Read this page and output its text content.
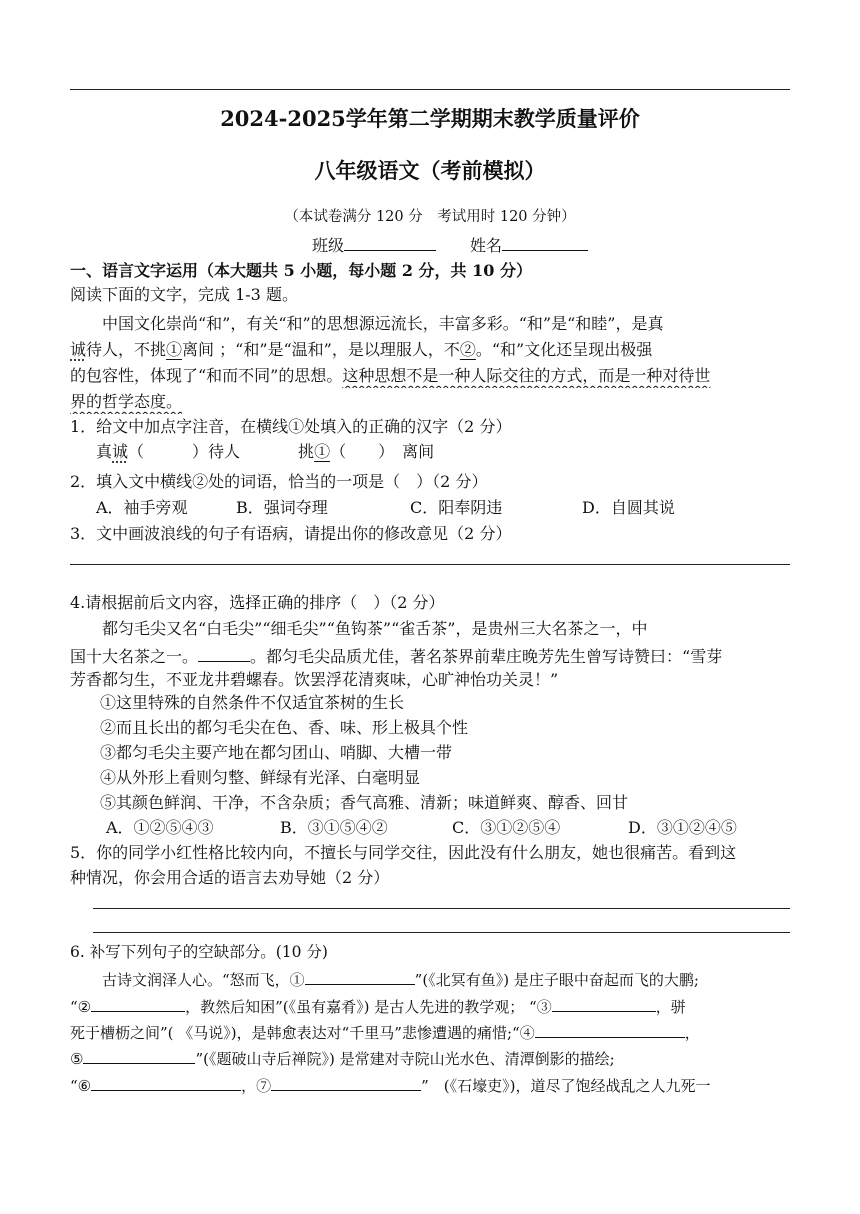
2024-2025学年第二学期期末教学质量评价
八年级语文（考前模拟）
（本试卷满分 120 分　考试用时 120 分钟）
班级	姓名
一、语言文字运用（本大题共 5 小题，每小题 2 分，共 10 分）
阅读下面的文字，完成 1-3 题。
中国文化崇尚“和”，有关“和”的思想源远流长，丰富多彩。“和”是“和睦”，是真
诚待人，不挑①离间 ；“和”是“温和”，是以理服人，不②。“和”文化还呈现出极强
的包容性，体现了“和而不同”的思想。这种思想不是一种人际交往的方式，而是一种对待世
界的哲学态度。
1．给文中加点字注音，在横线①处填入的正确的汉字（2 分）
真诚（　　　）待人	挑①（　　）　离间
2．填入文中横线②处的词语，恰当的一项是（　）（2 分）
A．袖手旁观	B．强词夺理	C．阳奉阴违	D．自圆其说
3．文中画波浪线的句子有语病，请提出你的修改意见（2 分）
4.请根据前后文内容，选择正确的排序（　）（2 分）
都匀毛尖又名“白毛尖”“细毛尖”“鱼钩茶”“雀舌茶”，是贵州三大名茶之一，中
国十大名茶之一。	。都匀毛尖品质尤佳，著名茶界前辈庄晚芳先生曾写诗赞曰：“雪芽
芳香都匀生，不亚龙井碧螺春。饮罢浮花清爽味，心旷神怡功关灵！”
①这里特殊的自然条件不仅适宜茶树的生长
②而且长出的都匀毛尖在色、香、味、形上极具个性
③都匀毛尖主要产地在都匀团山、哨脚、大槽一带
④从外形上看则匀整、鲜绿有光泽、白毫明显
⑤其颜色鲜润、干净，不含杂质；香气高雅、清新；味道鲜爽、醇香、回甘
A．①②⑤④③	B．③①⑤④②	C．③①②⑤④	D．③①②④⑤
5．你的同学小红性格比较内向，不擅长与同学交往，因此没有什么朋友，她也很痛苦。看到这
种情况，你会用合适的语言去劝导她（2 分）
6. 补写下列句子的空缺部分。(10 分)
古诗文润泽人心。“怒而飞，①	”(《北冥有鱼》) 是庄子眼中奋起而飞的大鹏;
“②	，教然后知困”(《虽有嘉肴》) 是古人先进的教学观； “③	，骈
死于槽枥之间”( 《马说》)，是韩愈表达对“千里马”悲惨遭遇的痛惜;“④	，
⑤	”(《题破山寺后禅院》) 是常建对寺院山光水色、清潭倒影的描绘;
“⑥	，⑦	”　(《石壕吏》)，道尽了饱经战乱之人九死一
